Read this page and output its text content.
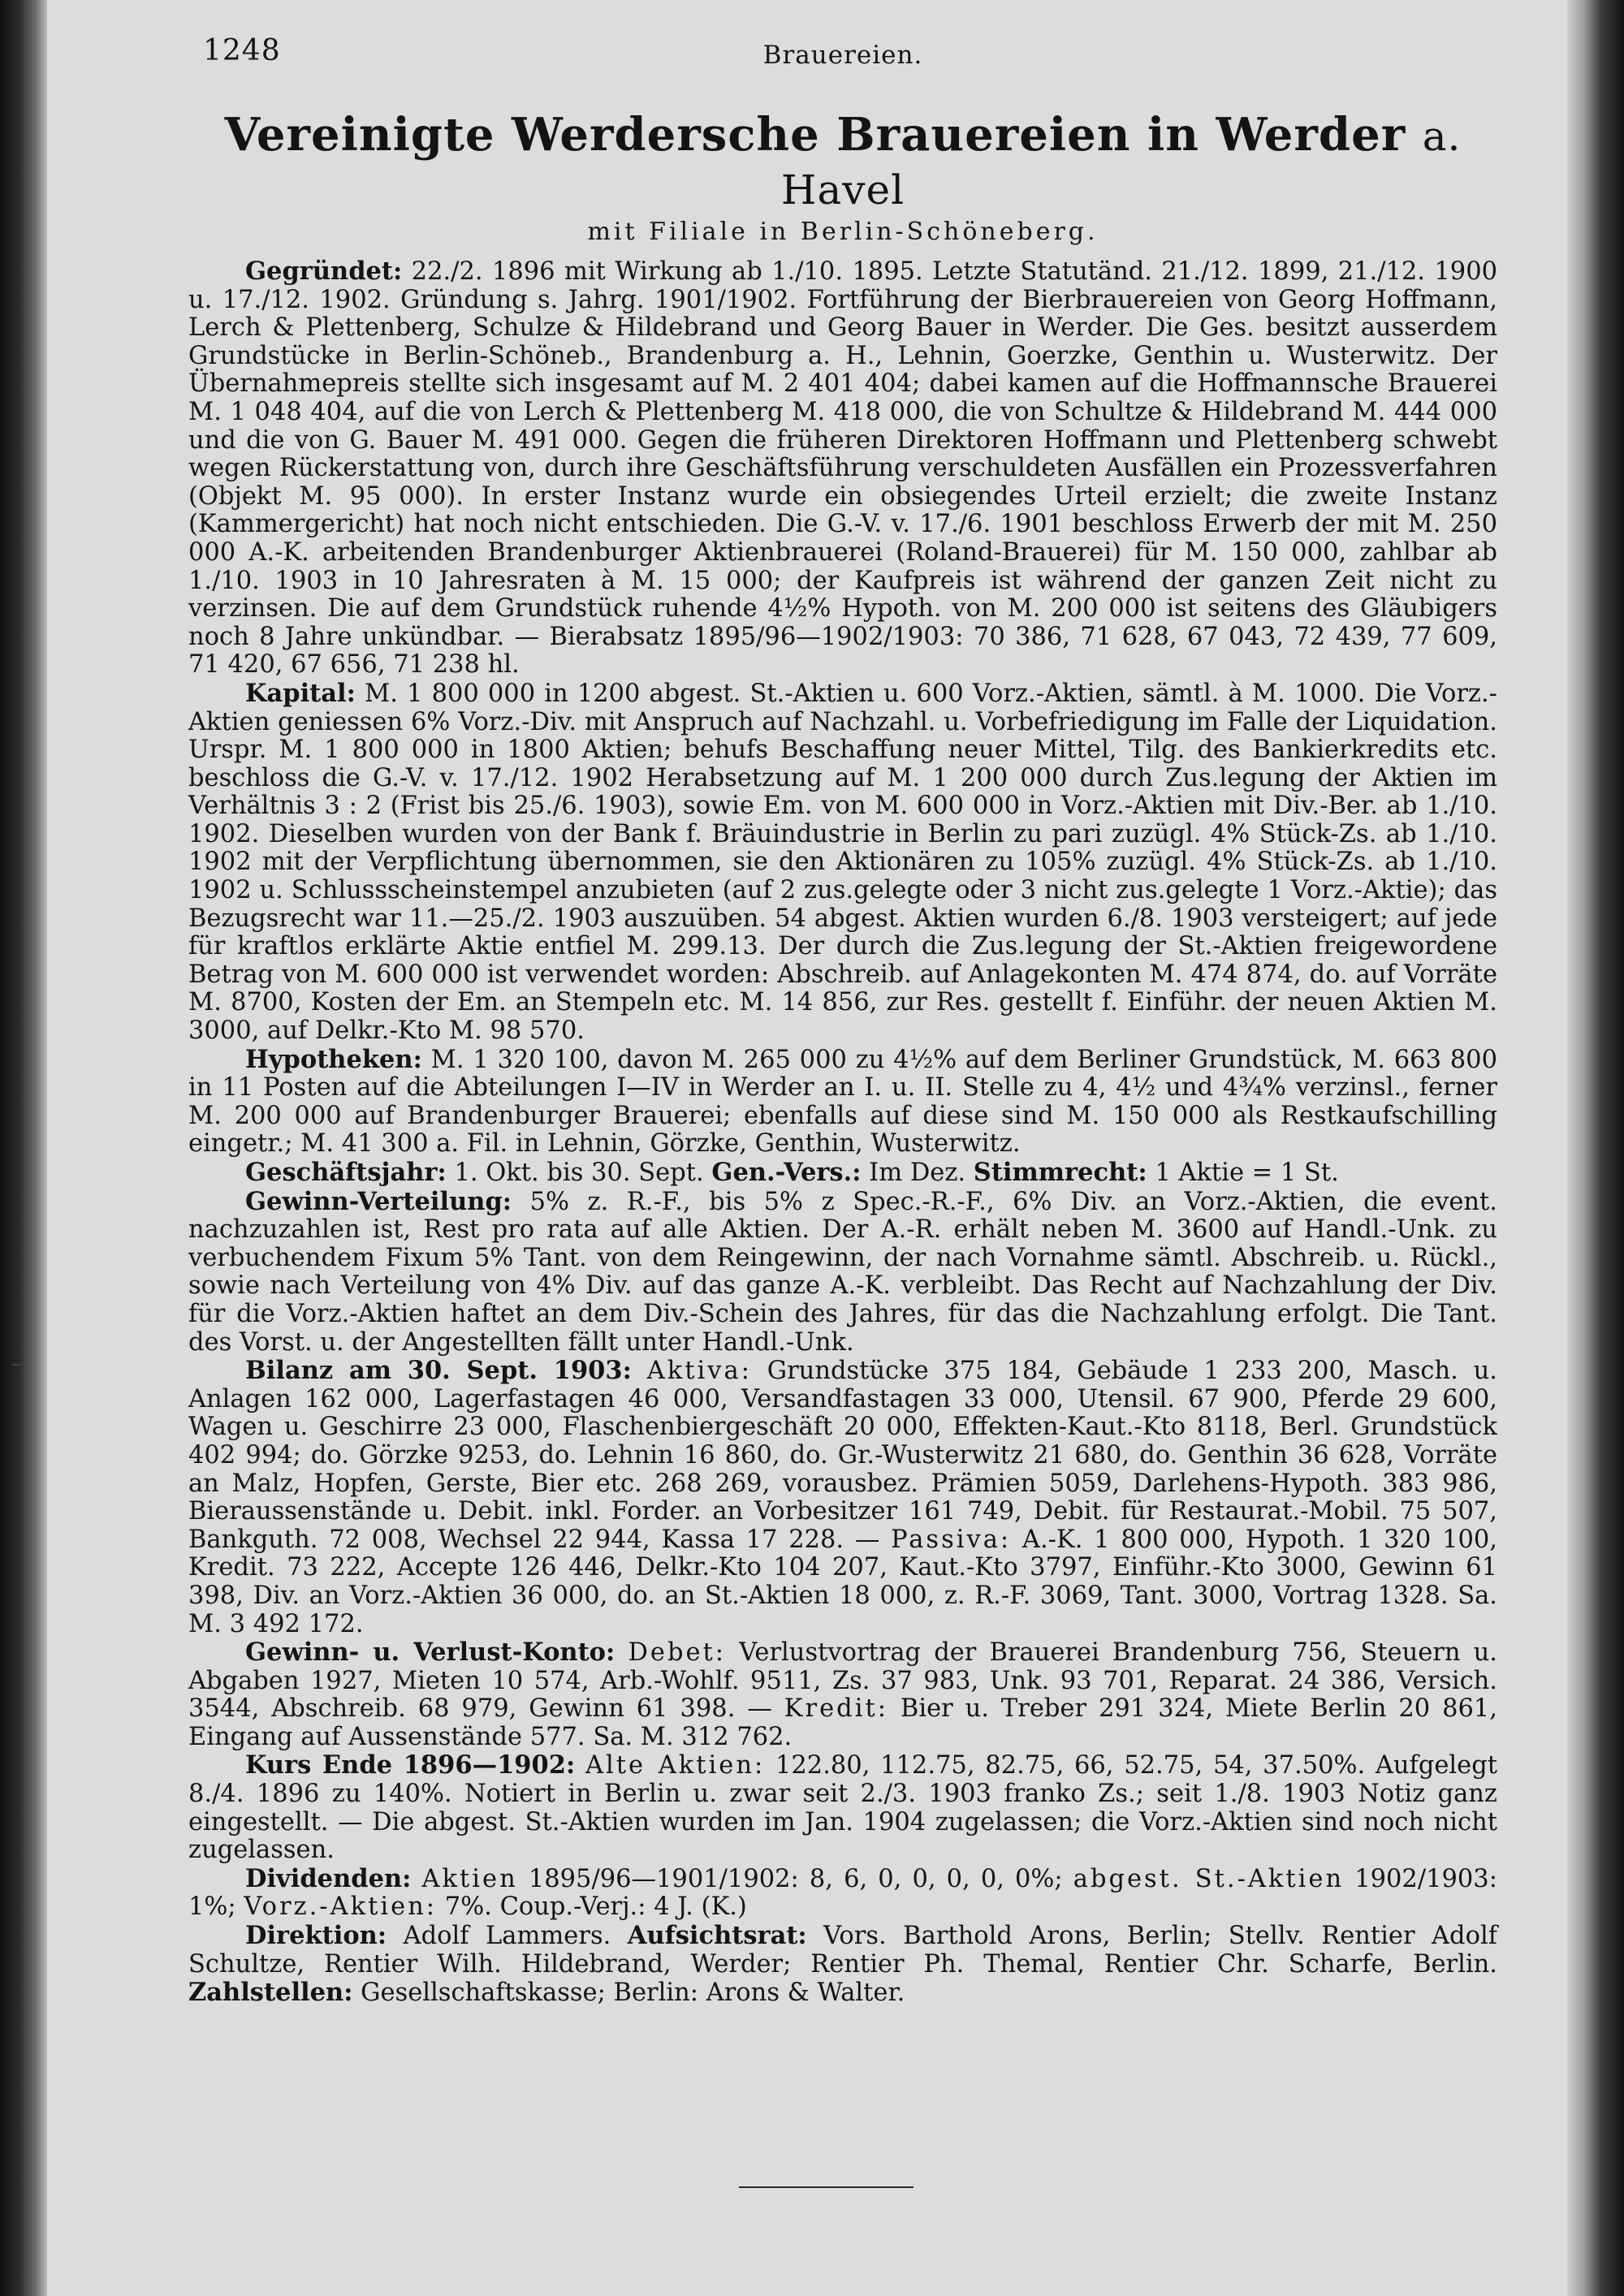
1248	Brauereien.
Vereinigte Werdersche Brauereien in Werder a. Havel
mit Filiale in Berlin-Schöneberg.

Gegründet: 22./2. 1896 mit Wirkung ab 1./10. 1895. Letzte Statutänd. 21./12. 1899, 21./12. 1900 u. 17./12. 1902. Gründung s. Jahrg. 1901/1902. Fortführung der Bierbrauereien von Georg Hoffmann, Lerch & Plettenberg, Schulze & Hildebrand und Georg Bauer in Werder. Die Ges. besitzt ausserdem Grundstücke in Berlin-Schöneb., Brandenburg a. H., Lehnin, Goerzke, Genthin u. Wusterwitz. Der Übernahmepreis stellte sich insgesamt auf M. 2 401 404; dabei kamen auf die Hoffmannsche Brauerei M. 1 048 404, auf die von Lerch & Plettenberg M. 418 000, die von Schultze & Hildebrand M. 444 000 und die von G. Bauer M. 491 000. Gegen die früheren Direktoren Hoffmann und Plettenberg schwebt wegen Rückerstattung von, durch ihre Geschäftsführung verschuldeten Ausfällen ein Prozessverfahren (Objekt M. 95 000). In erster Instanz wurde ein obsiegendes Urteil erzielt; die zweite Instanz (Kammergericht) hat noch nicht entschieden. Die G.-V. v. 17./6. 1901 beschloss Erwerb der mit M. 250 000 A.-K. arbeitenden Brandenburger Aktienbrauerei (Roland-Brauerei) für M. 150 000, zahlbar ab 1./10. 1903 in 10 Jahresraten à M. 15 000; der Kaufpreis ist während der ganzen Zeit nicht zu verzinsen. Die auf dem Grundstück ruhende 4½% Hypoth. von M. 200 000 ist seitens des Gläubigers noch 8 Jahre unkündbar. — Bierabsatz 1895/96—1902/1903: 70 386, 71 628, 67 043, 72 439, 77 609, 71 420, 67 656, 71 238 hl.

Kapital: M. 1 800 000 in 1200 abgest. St.-Aktien u. 600 Vorz.-Aktien, sämtl. à M. 1000. Die Vorz.-Aktien geniessen 6% Vorz.-Div. mit Anspruch auf Nachzahl. u. Vorbefriedigung im Falle der Liquidation. Urspr. M. 1 800 000 in 1800 Aktien; behufs Beschaffung neuer Mittel, Tilg. des Bankierkredits etc. beschloss die G.-V. v. 17./12. 1902 Herabsetzung auf M. 1 200 000 durch Zus.legung der Aktien im Verhältnis 3 : 2 (Frist bis 25./6. 1903), sowie Em. von M. 600 000 in Vorz.-Aktien mit Div.-Ber. ab 1./10. 1902. Dieselben wurden von der Bank f. Bräuindustrie in Berlin zu pari zuzügl. 4% Stück-Zs. ab 1./10. 1902 mit der Verpflichtung übernommen, sie den Aktionären zu 105% zuzügl. 4% Stück-Zs. ab 1./10. 1902 u. Schlussscheinstempel anzubieten (auf 2 zus.gelegte oder 3 nicht zus.gelegte 1 Vorz.-Aktie); das Bezugsrecht war 11.—25./2. 1903 auszuüben. 54 abgest. Aktien wurden 6./8. 1903 versteigert; auf jede für kraftlos erklärte Aktie entfiel M. 299.13. Der durch die Zus.legung der St.-Aktien freigewordene Betrag von M. 600 000 ist verwendet worden: Abschreib. auf Anlagekonten M. 474 874, do. auf Vorräte M. 8700, Kosten der Em. an Stempeln etc. M. 14 856, zur Res. gestellt f. Einführ. der neuen Aktien M. 3000, auf Delkr.-Kto M. 98 570.

Hypotheken: M. 1 320 100, davon M. 265 000 zu 4½% auf dem Berliner Grundstück, M. 663 800 in 11 Posten auf die Abteilungen I—IV in Werder an I. u. II. Stelle zu 4, 4½ und 4¾% verzinsl., ferner M. 200 000 auf Brandenburger Brauerei; ebenfalls auf diese sind M. 150 000 als Restkaufschilling eingetr.; M. 41 300 a. Fil. in Lehnin, Görzke, Genthin, Wusterwitz.

Geschäftsjahr: 1. Okt. bis 30. Sept. Gen.-Vers.: Im Dez. Stimmrecht: 1 Aktie = 1 St.

Gewinn-Verteilung: 5% z. R.-F., bis 5% z Spec.-R.-F., 6% Div. an Vorz.-Aktien, die event. nachzuzahlen ist, Rest pro rata auf alle Aktien. Der A.-R. erhält neben M. 3600 auf Handl.-Unk. zu verbuchendem Fixum 5% Tant. von dem Reingewinn, der nach Vornahme sämtl. Abschreib. u. Rückl., sowie nach Verteilung von 4% Div. auf das ganze A.-K. verbleibt. Das Recht auf Nachzahlung der Div. für die Vorz.-Aktien haftet an dem Div.-Schein des Jahres, für das die Nachzahlung erfolgt. Die Tant. des Vorst. u. der Angestellten fällt unter Handl.-Unk.

Bilanz am 30. Sept. 1903: Aktiva: Grundstücke 375 184, Gebäude 1 233 200, Masch. u. Anlagen 162 000, Lagerfastagen 46 000, Versandfastagen 33 000, Utensil. 67 900, Pferde 29 600, Wagen u. Geschirre 23 000, Flaschenbiergeschäft 20 000, Effekten-Kaut.-Kto 8118, Berl. Grundstück 402 994; do. Görzke 9253, do. Lehnin 16 860, do. Gr.-Wusterwitz 21 680, do. Genthin 36 628, Vorräte an Malz, Hopfen, Gerste, Bier etc. 268 269, vorausbez. Prämien 5059, Darlehens-Hypoth. 383 986, Bieraussenstände u. Debit. inkl. Forder. an Vorbesitzer 161 749, Debit. für Restaurat.-Mobil. 75 507, Bankguth. 72 008, Wechsel 22 944, Kassa 17 228. — Passiva: A.-K. 1 800 000, Hypoth. 1 320 100, Kredit. 73 222, Accepte 126 446, Delkr.-Kto 104 207, Kaut.-Kto 3797, Einführ.-Kto 3000, Gewinn 61 398, Div. an Vorz.-Aktien 36 000, do. an St.-Aktien 18 000, z. R.-F. 3069, Tant. 3000, Vortrag 1328. Sa. M. 3 492 172.

Gewinn- u. Verlust-Konto: Debet: Verlustvortrag der Brauerei Brandenburg 756, Steuern u. Abgaben 1927, Mieten 10 574, Arb.-Wohlf. 9511, Zs. 37 983, Unk. 93 701, Reparat. 24 386, Versich. 3544, Abschreib. 68 979, Gewinn 61 398. — Kredit: Bier u. Treber 291 324, Miete Berlin 20 861, Eingang auf Aussenstände 577. Sa. M. 312 762.

Kurs Ende 1896—1902: Alte Aktien: 122.80, 112.75, 82.75, 66, 52.75, 54, 37.50%. Aufgelegt 8./4. 1896 zu 140%. Notiert in Berlin u. zwar seit 2./3. 1903 franko Zs.; seit 1./8. 1903 Notiz ganz eingestellt. — Die abgest. St.-Aktien wurden im Jan. 1904 zugelassen; die Vorz.-Aktien sind noch nicht zugelassen.

Dividenden: Aktien 1895/96—1901/1902: 8, 6, 0, 0, 0, 0, 0%; abgest. St.-Aktien 1902/1903: 1%; Vorz.-Aktien: 7%. Coup.-Verj.: 4 J. (K.)

Direktion: Adolf Lammers. Aufsichtsrat: Vors. Barthold Arons, Berlin; Stellv. Rentier Adolf Schultze, Rentier Wilh. Hildebrand, Werder; Rentier Ph. Themal, Rentier Chr. Scharfe, Berlin. Zahlstellen: Gesellschaftskasse; Berlin: Arons & Walter.
